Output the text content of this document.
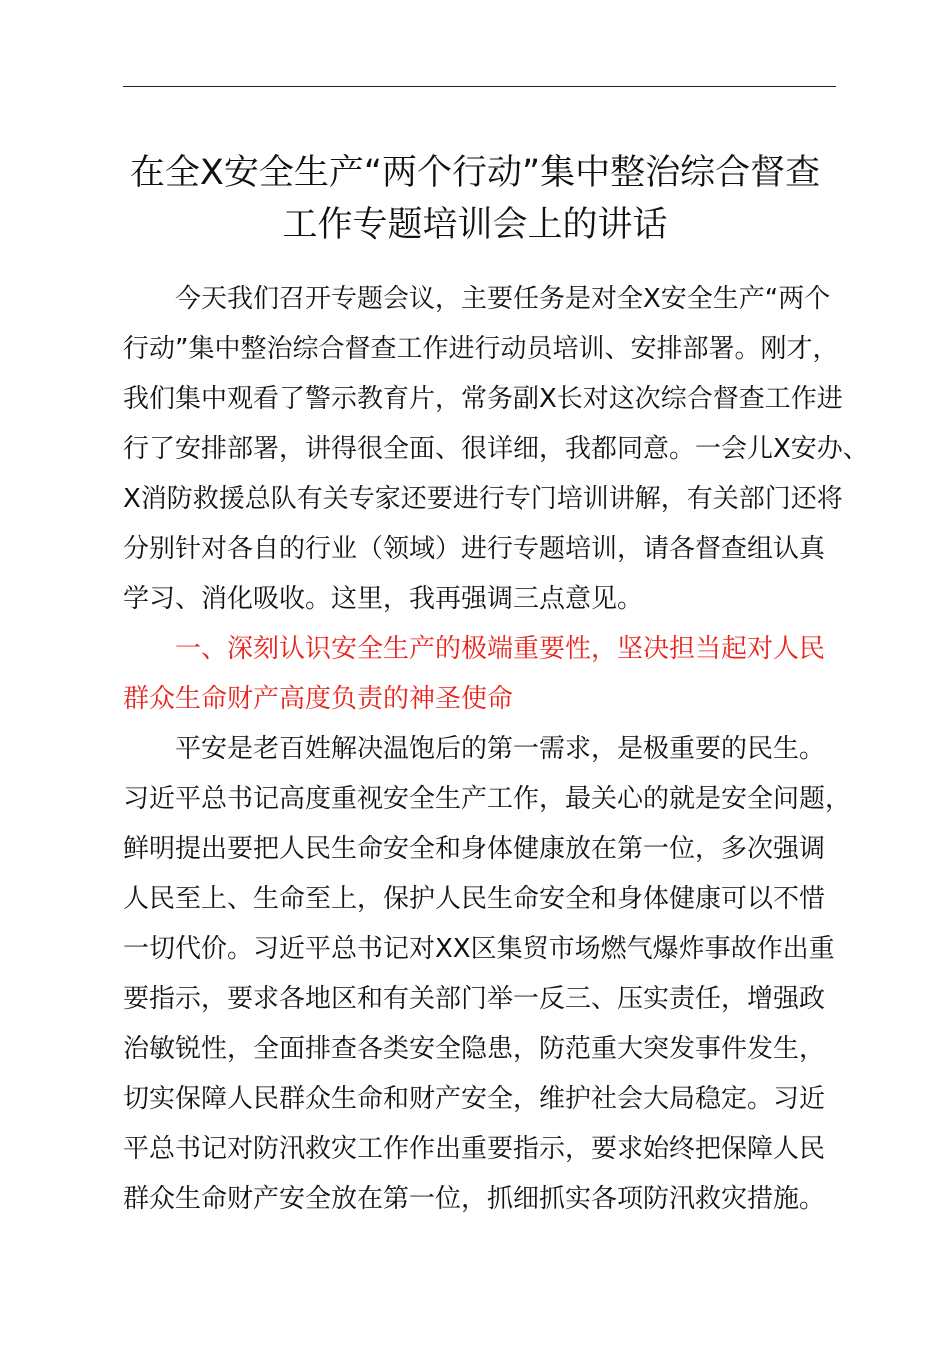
在全X安全生产“两个行动”集中整治综合督查
工作专题培训会上的讲话
今天我们召开专题会议，主要任务是对全X安全生产“两个
行动”集中整治综合督查工作进行动员培训、安排部署。刚才，
我们集中观看了警示教育片，常务副X长对这次综合督查工作进
行了安排部署，讲得很全面、很详细，我都同意。一会儿X安办、
X消防救援总队有关专家还要进行专门培训讲解，有关部门还将
分别针对各自的行业（领域）进行专题培训，请各督查组认真
学习、消化吸收。这里，我再强调三点意见。
一、深刻认识安全生产的极端重要性，坚决担当起对人民
群众生命财产高度负责的神圣使命
平安是老百姓解决温饱后的第一需求，是极重要的民生。
习近平总书记高度重视安全生产工作，最关心的就是安全问题，
鲜明提出要把人民生命安全和身体健康放在第一位，多次强调
人民至上、生命至上，保护人民生命安全和身体健康可以不惜
一切代价。习近平总书记对XX区集贸市场燃气爆炸事故作出重
要指示，要求各地区和有关部门举一反三、压实责任，增强政
治敏锐性，全面排查各类安全隐患，防范重大突发事件发生，
切实保障人民群众生命和财产安全，维护社会大局稳定。习近
平总书记对防汛救灾工作作出重要指示，要求始终把保障人民
群众生命财产安全放在第一位，抓细抓实各项防汛救灾措施。
